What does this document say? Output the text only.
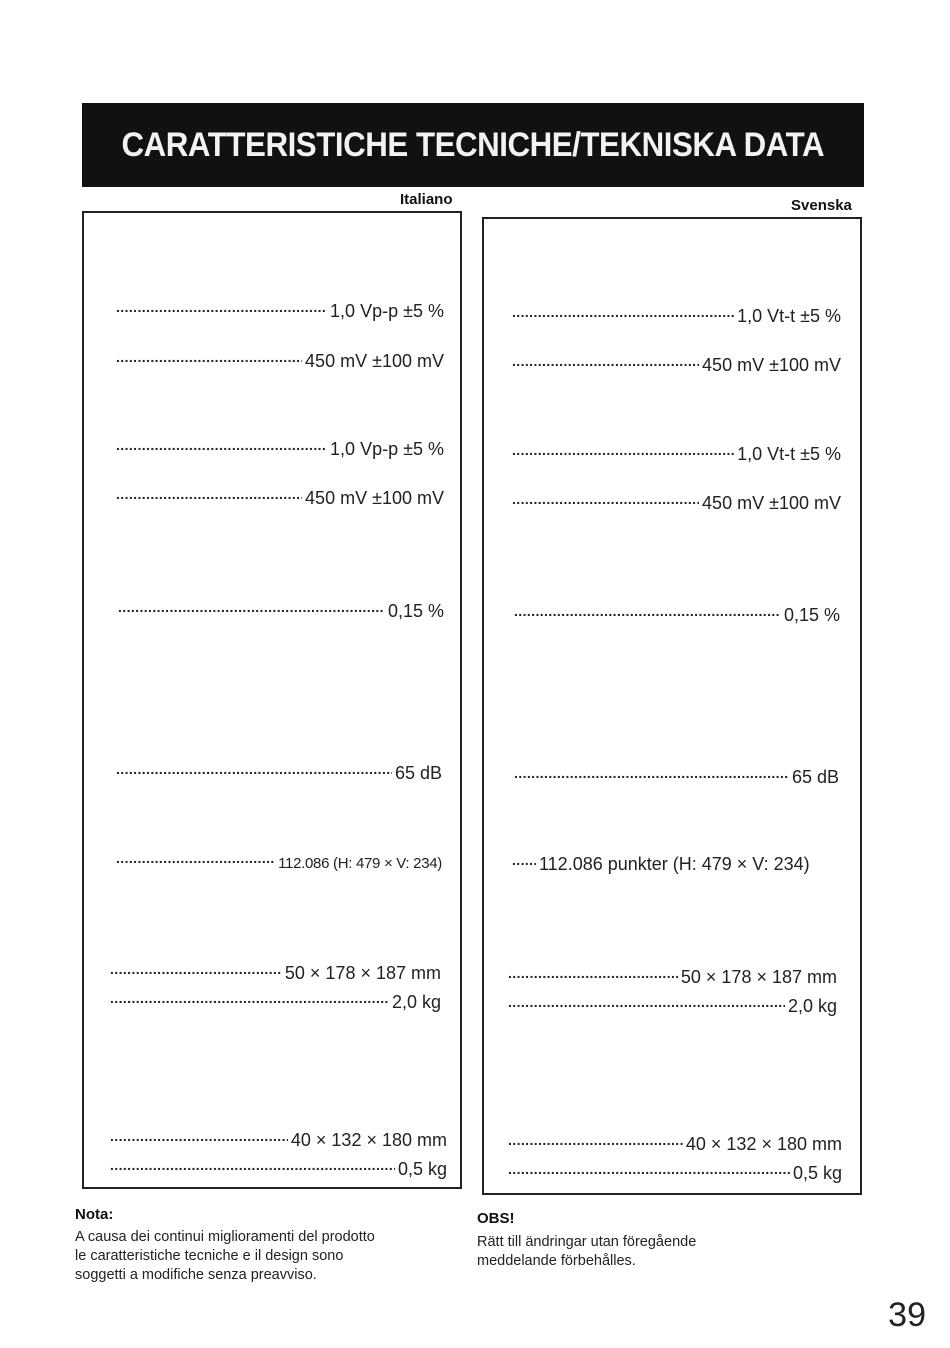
CARATTERISTICHE TECNICHE/TEKNISKA DATA
Italiano	Svenska
.....
1,0 Vp-p ±5 %
.....
450 mV ±100 mV
.....
1,0 Vp-p ±5 %
.....
450 mV ±100 mV
.....
0,15 %
.....
65 dB
.....
112.086 (H: 479 × V: 234)
.....
50 × 178 × 187 mm
.....
2,0 kg
.....
40 × 132 × 180 mm
.....
0,5 kg
.....
1,0 Vt-t ±5 %
.....
450 mV ±100 mV
.....
1,0 Vt-t ±5 %
.....
450 mV ±100 mV
.....
0,15 %
.....
65 dB
.....
112.086 punkter (H: 479 × V: 234)
.....
50 × 178 × 187 mm
.....
2,0 kg
.....
40 × 132 × 180 mm
.....
0,5 kg
Nota:
A causa dei continui miglioramenti del prodotto
le caratteristiche tecniche e il design sono
soggetti a modifiche senza preavviso.
OBS!
Rätt till ändringar utan föregående
meddelande förbehålles.
39
